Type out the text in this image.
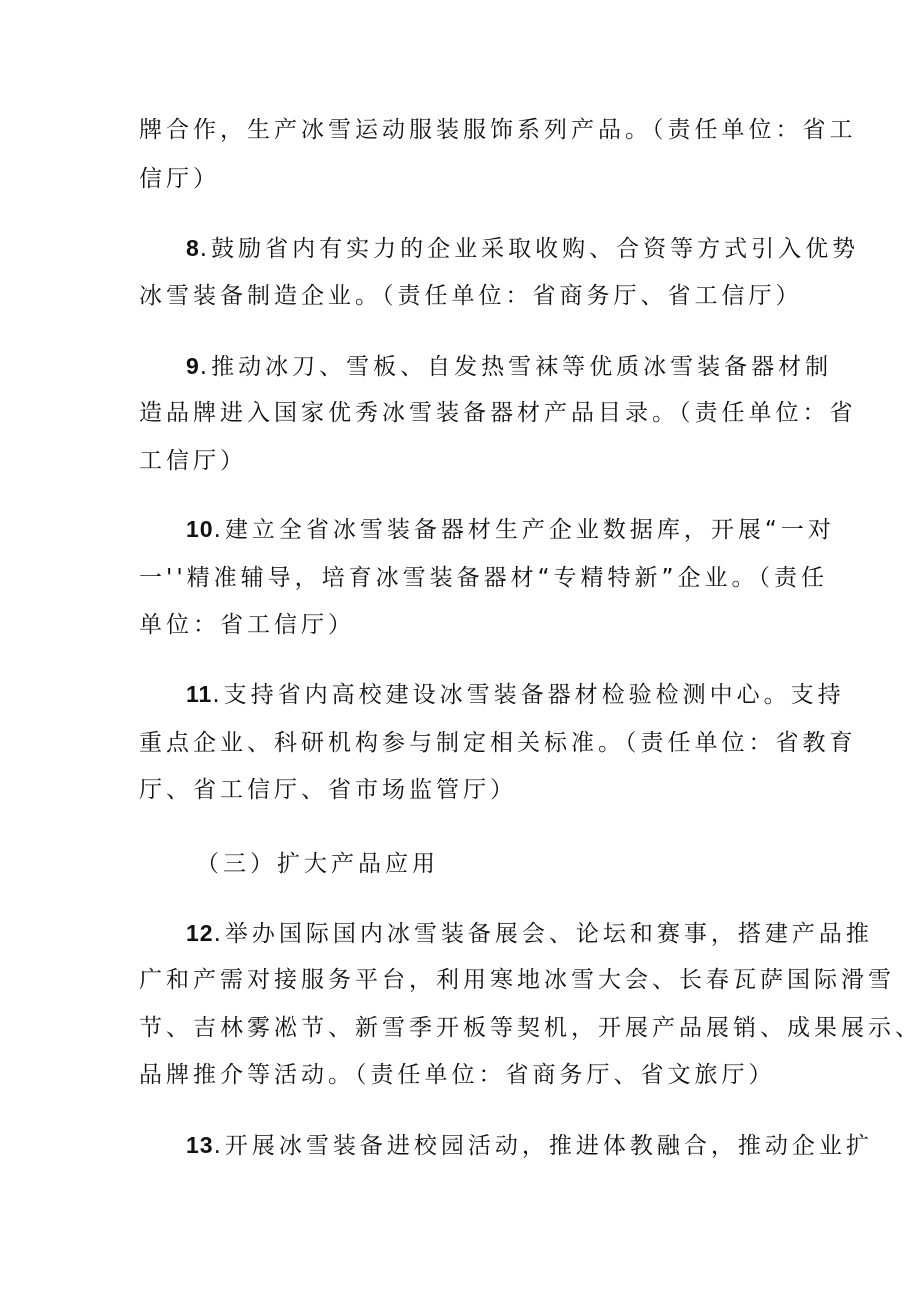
牌合作，生产冰雪运动服装服饰系列产品。（责任单位：省工
信厅）
8.鼓励省内有实力的企业采取收购、合资等方式引入优势
冰雪装备制造企业。（责任单位：省商务厅、省工信厅）
9.推动冰刀、雪板、自发热雪袜等优质冰雪装备器材制
造品牌进入国家优秀冰雪装备器材产品目录。（责任单位：省
工信厅）
10.建立全省冰雪装备器材生产企业数据库，开展“一对
一''精准辅导，培育冰雪装备器材“专精特新”企业。（责任
单位：省工信厅）
11.支持省内高校建设冰雪装备器材检验检测中心。支持
重点企业、科研机构参与制定相关标准。（责任单位：省教育
厅、省工信厅、省市场监管厅）
（三）扩大产品应用
12.举办国际国内冰雪装备展会、论坛和赛事，搭建产品推
广和产需对接服务平台，利用寒地冰雪大会、长春瓦萨国际滑雪
节、吉林雾凇节、新雪季开板等契机，开展产品展销、成果展示、
品牌推介等活动。（责任单位：省商务厅、省文旅厅）
13.开展冰雪装备进校园活动，推进体教融合，推动企业扩
